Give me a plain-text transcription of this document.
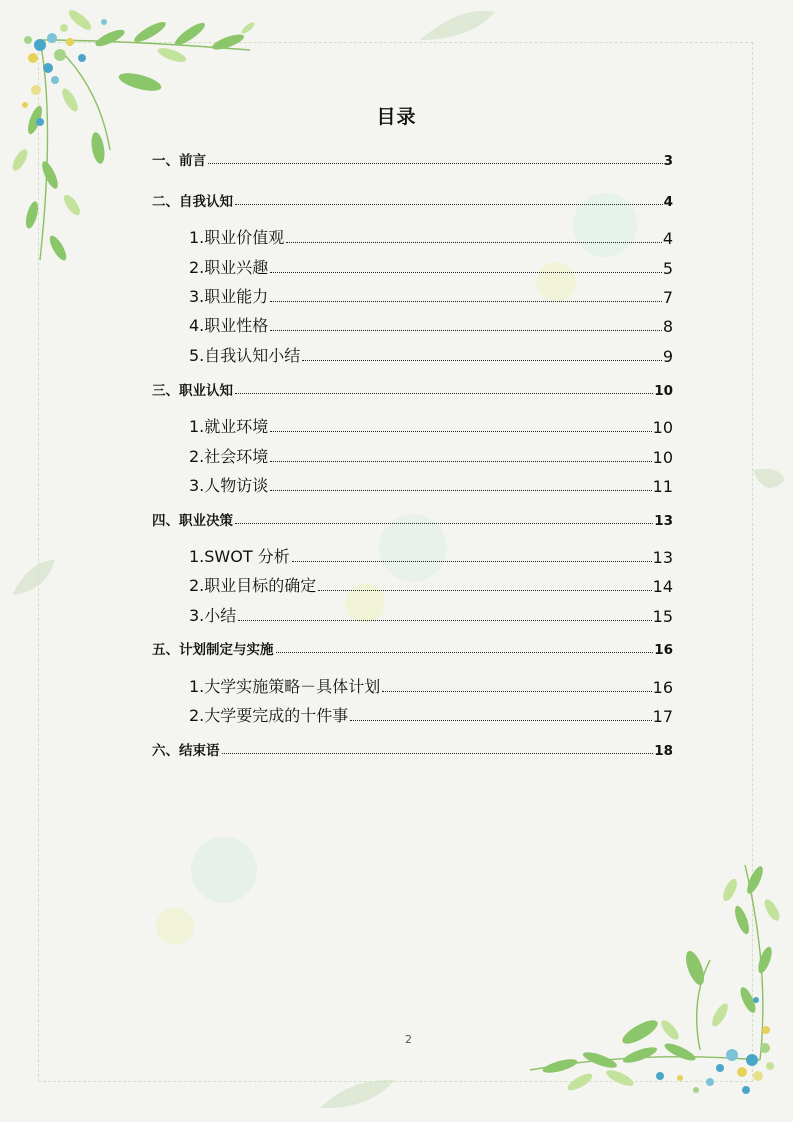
目录
一、前言	3
二、自我认知	4
1.职业价值观	4
2.职业兴趣	5
3.职业能力	7
4.职业性格	8
5.自我认知小结	9
三、职业认知	10
1.就业环境	10
2.社会环境	10
3.人物访谈	11
四、职业决策	13
1.SWOT 分析	13
2.职业目标的确定	14
3.小结	15
五、计划制定与实施	16
1.大学实施策略－具体计划	16
2.大学要完成的十件事	17
六、结束语	18
2
